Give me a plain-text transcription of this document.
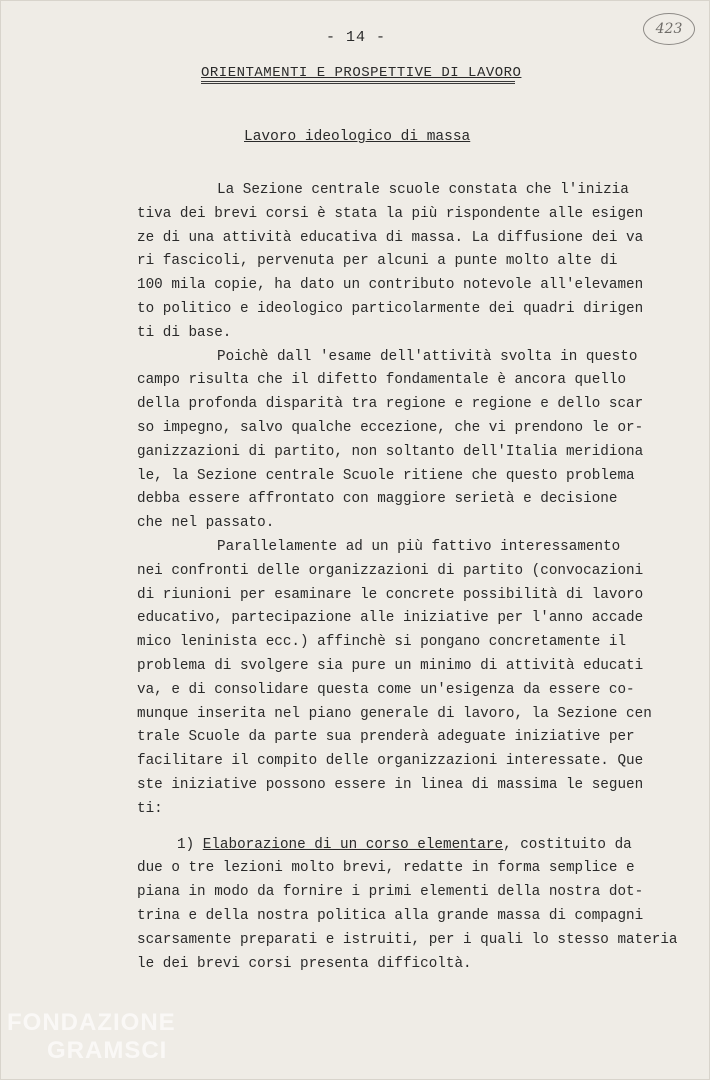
- 14 -	423
ORIENTAMENTI E PROSPETTIVE DI LAVORO
Lavoro ideologico di massa
La Sezione centrale scuole constata che l'inizia
tiva dei brevi corsi è stata la più rispondente alle esigen
ze di una attività educativa di massa. La diffusione dei va
ri fascicoli, pervenuta per alcuni a punte molto alte di
100 mila copie, ha dato un contributo notevole all'elevamen
to politico e ideologico particolarmente dei quadri dirigen
ti di base.
Poichè dall 'esame dell'attività svolta in questo
campo risulta che il difetto fondamentale è ancora quello
della profonda disparità tra regione e regione e dello scar
so impegno, salvo qualche eccezione, che vi prendono le or-
ganizzazioni di partito, non soltanto dell'Italia meridiona
le, la Sezione centrale Scuole ritiene che questo problema
debba essere affrontato con maggiore serietà e decisione
che nel passato.
Parallelamente ad un più fattivo interessamento
nei confronti delle organizzazioni di partito (convocazioni
di riunioni per esaminare le concrete possibilità di lavoro
educativo, partecipazione alle iniziative per l'anno accade
mico leninista ecc.) affinchè si pongano concretamente il
problema di svolgere sia pure un minimo di attività educati
va, e di consolidare questa come un'esigenza da essere co-
munque inserita nel piano generale di lavoro, la Sezione cen
trale Scuole da parte sua prenderà adeguate iniziative per
facilitare il compito delle organizzazioni interessate. Que
ste iniziative possono essere in linea di massima le seguen
ti:
1) Elaborazione di un corso elementare, costituito da
due o tre lezioni molto brevi, redatte in forma semplice e
piana in modo da fornire i primi elementi della nostra dot-
trina e della nostra politica alla grande massa di compagni
scarsamente preparati e istruiti, per i quali lo stesso materia
le dei brevi corsi presenta difficoltà.
FONDAZIONE
GRAMSCI
